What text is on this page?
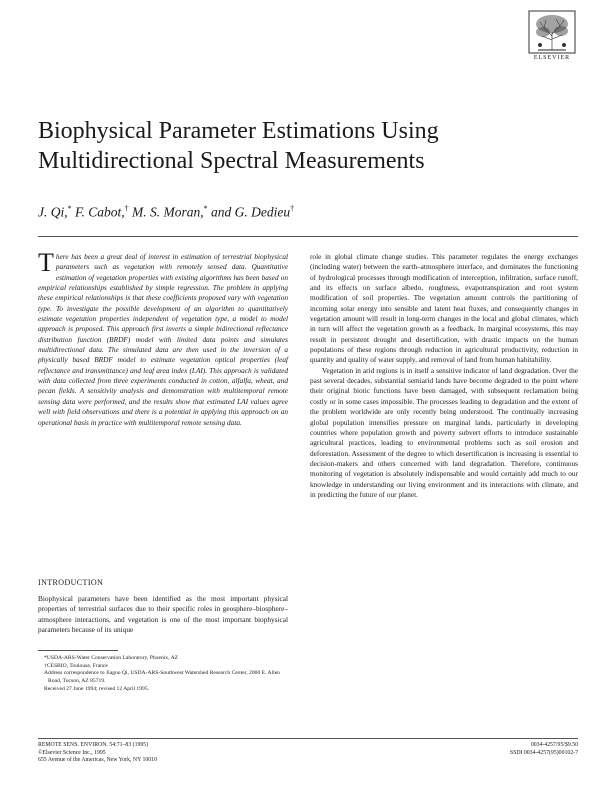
ELSEVIER
Biophysical Parameter Estimations Using
Multidirectional Spectral Measurements
J. Qi,* F. Cabot,† M. S. Moran,* and G. Dedieu†
There has been a great deal of interest in estimation of terrestrial biophysical parameters such as vegetation with remotely sensed data. Quantitative estimation of vegetation properties with existing algorithms has been based on empirical relationships established by simple regression. The problem in applying these empirical relationships is that these coefficients proposed vary with vegetation type. To investigate the possible development of an algorithm to quantitatively estimate vegetation properties independent of vegetation type, a model to model approach is proposed. This approach first inverts a simple bidirectional reflectance distribution function (BRDF) model with limited data points and simulates multidirectional data. The simulated data are then used in the inversion of a physically based BRDF model to estimate vegetation optical properties (leaf reflectance and transmittance) and leaf area index (LAI). This approach is validated with data collected from three experiments conducted in cotton, alfalfa, wheat, and pecan fields. A sensitivity analysis and demonstration with multitemporal remote sensing data were performed, and the results show that estimated LAI values agree well with field observations and there is a potential in applying this approach on an operational basis in practice with multitemporal remote sensing data.
INTRODUCTION
Biophysical parameters have been identified as the most important physical properties of terrestrial surfaces due to their specific roles in geosphere–biosphere–atmosphere interactions, and vegetation is one of the most important biophysical parameters because of its unique

*USDA-ARS-Water Conservation Laboratory, Phoenix, AZ

†CESBIO, Toulouse, France

Address correspondence to Jiaguo Qi, USDA-ARS-Southwest Watershed Research Center, 2000 E. Allen Road, Tucson, AZ 85719.

Received 27 June 1994; revised 12 April 1995.

role in global climate change studies. This parameter regulates the energy exchanges (including water) between the earth–atmosphere interface, and dominates the functioning of hydrological processes through modification of interception, infiltration, surface runoff, and its effects on surface albedo, roughness, evapotranspiration and root system modification of soil properties. The vegetation amount controls the partitioning of incoming solar energy into sensible and latent heat fluxes, and consequently changes in vegetation amount will result in long-term changes in the local and global climates, which in turn will affect the vegetation growth as a feedback. In marginal ecosystems, this may result in persistent drought and desertification, with drastic impacts on the human populations of these regions through reduction in agricultural productivity, reduction in quantity and quality of water supply, and removal of land from human habitability.

Vegetation in arid regions is in itself a sensitive indicator of land degradation. Over the past several decades, substantial semiarid lands have become degraded to the point where their original biotic functions have been damaged, with subsequent reclamation being costly or in some cases impossible. The processes leading to degradation and the extent of the problem worldwide are only recently being understood. The continually increasing global population intensifies pressure on marginal lands, particularly in developing countries where population growth and poverty subvert efforts to introduce sustainable agricultural practices, leading to environmental problems such as soil erosion and deforestation. Assessment of the degree to which desertification is increasing is essential to decision-makers and others concerned with land degradation. Therefore, continuous monitoring of vegetation is absolutely indispensable and would certainly add much to our knowledge in understanding our living environment and its interactions with climate, and in predicting the future of our planet.

REMOTE SENS. ENVIRON. 54:71–83 (1995)
©Elsevier Science Inc., 1995
655 Avenue of the Americas, New York, NY 10010
0034-4257/95/$9.50
SSDI 0034-4257(95)00102-7
